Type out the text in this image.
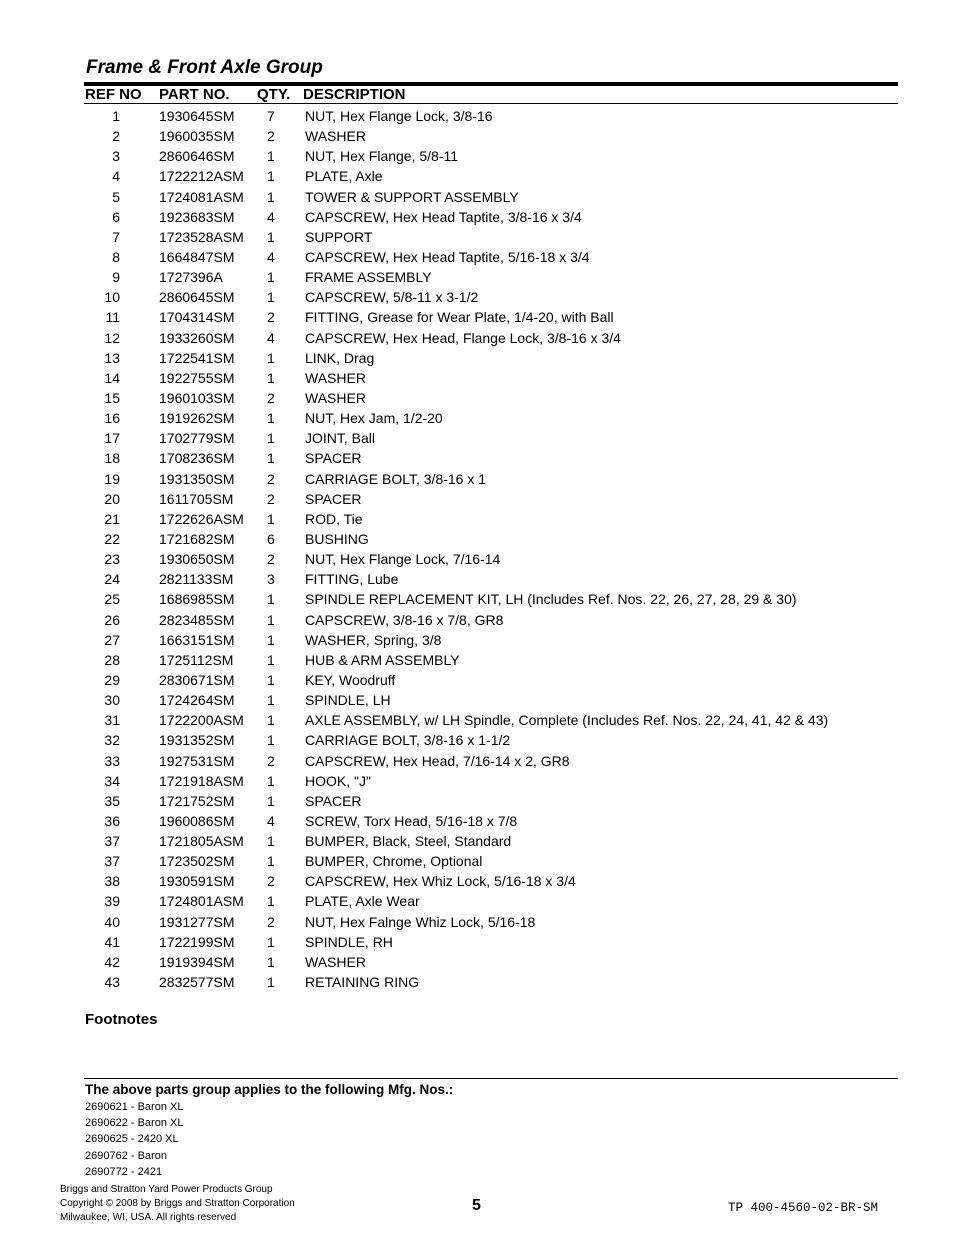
Frame & Front Axle Group
REF NO PART NO. QTY. DESCRIPTION
1	1930645SM 7 NUT, Hex Flange Lock, 3/8-16
2	1960035SM 2 WASHER
3	2860646SM 1 NUT, Hex Flange, 5/8-11
4	1722212ASM 1 PLATE, Axle
5	1724081ASM 1 TOWER & SUPPORT ASSEMBLY
6	1923683SM 4 CAPSCREW, Hex Head Taptite, 3/8-16 x 3/4
7	1723528ASM 1 SUPPORT
8	1664847SM 4 CAPSCREW, Hex Head Taptite, 5/16-18 x 3/4
9	1727396A	1 FRAME ASSEMBLY
10	2860645SM 1 CAPSCREW, 5/8-11 x 3-1/2
11	1704314SM 2 FITTING, Grease for Wear Plate, 1/4-20, with Ball
12	1933260SM 4 CAPSCREW, Hex Head, Flange Lock, 3/8-16 x 3/4
13	1722541SM 1 LINK, Drag
14	1922755SM 1 WASHER
15	1960103SM 2 WASHER
16	1919262SM 1 NUT, Hex Jam, 1/2-20
17	1702779SM 1 JOINT, Ball
18	1708236SM 1 SPACER
19	1931350SM 2 CARRIAGE BOLT, 3/8-16 x 1
20	1611705SM 2 SPACER
21	1722626ASM 1 ROD, Tie
22	1721682SM 6 BUSHING
23	1930650SM 2 NUT, Hex Flange Lock, 7/16-14
24	2821133SM 3 FITTING, Lube
25	1686985SM 1 SPINDLE REPLACEMENT KIT, LH (Includes Ref. Nos. 22, 26, 27, 28, 29 & 30)
26	2823485SM 1 CAPSCREW, 3/8-16 x 7/8, GR8
27	1663151SM 1 WASHER, Spring, 3/8
28	1725112SM 1 HUB & ARM ASSEMBLY
29	2830671SM 1 KEY, Woodruff
30	1724264SM 1 SPINDLE, LH
31	1722200ASM 1 AXLE ASSEMBLY, w/ LH Spindle, Complete (Includes Ref. Nos. 22, 24, 41, 42 & 43)
32	1931352SM 1 CARRIAGE BOLT, 3/8-16 x 1-1/2
33	1927531SM 2 CAPSCREW, Hex Head, 7/16-14 x 2, GR8
34	1721918ASM 1 HOOK, "J"
35	1721752SM 1 SPACER
36	1960086SM 4 SCREW, Torx Head, 5/16-18 x 7/8
37	1721805ASM 1 BUMPER, Black, Steel, Standard
37	1723502SM 1 BUMPER, Chrome, Optional
38	1930591SM 2 CAPSCREW, Hex Whiz Lock, 5/16-18 x 3/4
39	1724801ASM 1 PLATE, Axle Wear
40	1931277SM 2 NUT, Hex Falnge Whiz Lock, 5/16-18
41	1722199SM 1 SPINDLE, RH
42	1919394SM 1 WASHER
43	2832577SM 1 RETAINING RING
Footnotes
The above parts group applies to the following Mfg. Nos.:
2690621 - Baron XL
2690622 - Baron XL
2690625 - 2420 XL
2690762 - Baron
2690772 - 2421
Briggs and Stratton Yard Power Products Group
Copyright © 2008 by Briggs and Stratton Corporation
Milwaukee, WI, USA. All rights reserved
5	TP 400-4560-02-BR-SM
